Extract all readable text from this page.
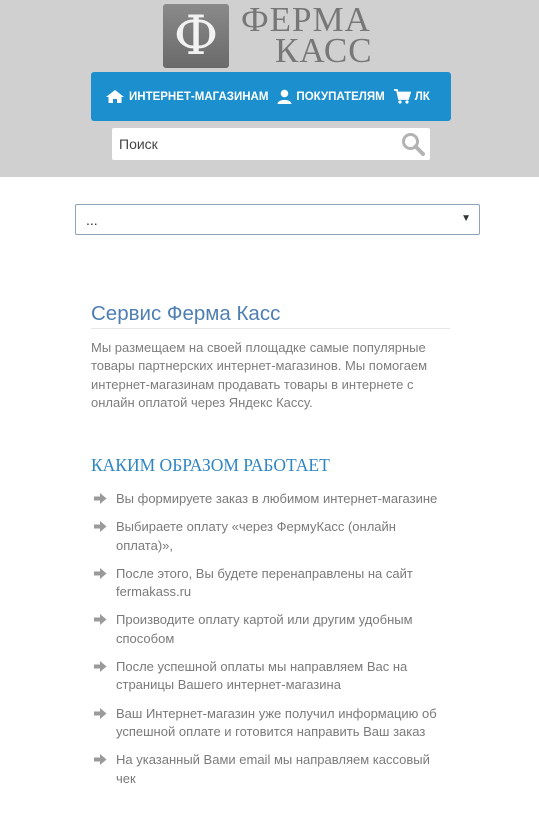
Ф ФЕРМА
КАСС
ИНТЕРНЕТ-МАГАЗИНАМ ПОКУПАТЕЛЯМ	ЛК
Поиск
...	▼
Сервис Ферма Касс
Мы размещаем на своей площадке самые популярные товары партнерских интернет-магазинов. Мы помогаем интернет-магазинам продавать товары в интернете с онлайн оплатой через Яндекс Кассу.
КАКИМ ОБРАЗОМ РАБОТАЕТ
Вы формируете заказ в любимом интернет-магазине
Выбираете оплату «через ФермуКасс (онлайн оплата)»,
После этого, Вы будете перенаправлены на сайт fermakass.ru
Производите оплату картой или другим удобным способом
После успешной оплаты мы направляем Вас на страницы Вашего интернет-магазина
Ваш Интернет-магазин уже получил информацию об успешной оплате и готовится направить Ваш заказ
На указанный Вами email мы направляем кассовый чек
